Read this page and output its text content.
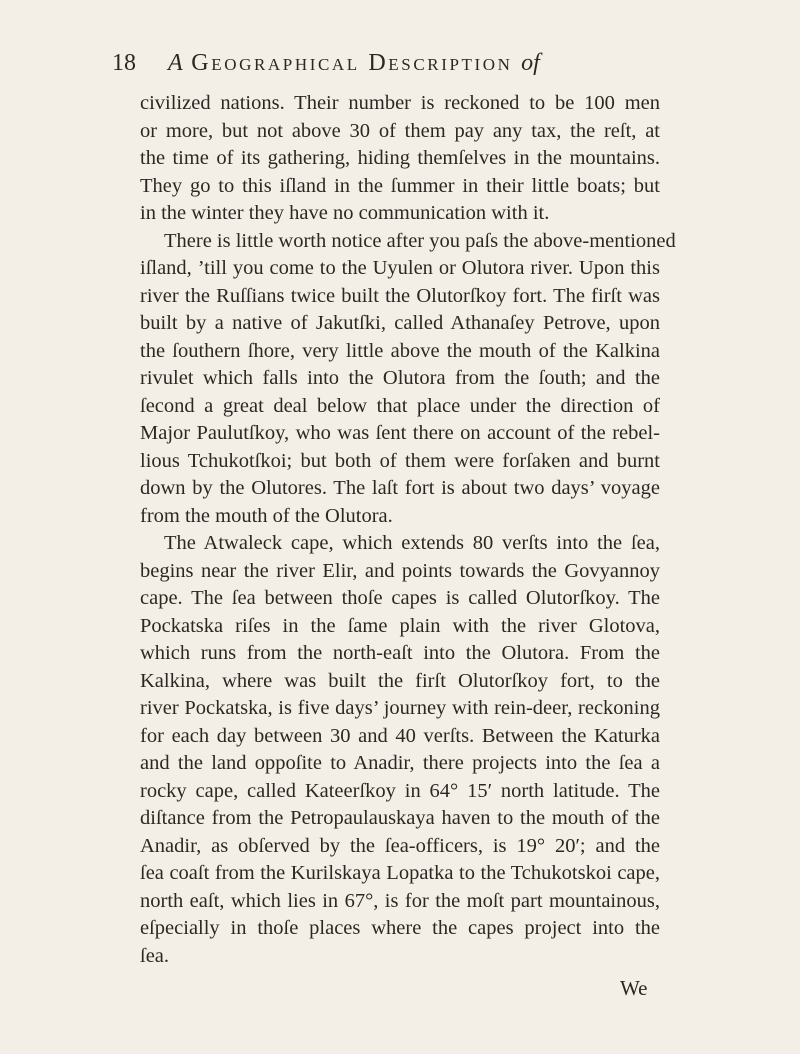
18 A Geographical Description of
civilized nations. Their number is reckoned to be 100 men
or more, but not above 30 of them pay any tax, the reſt, at
the time of its gathering, hiding themſelves in the mountains.
They go to this iſland in the ſummer in their little boats; but
in the winter they have no communication with it.
There is little worth notice after you paſs the above-mentioned
iſland, ’till you come to the Uyulen or Olutora river. Upon this
river the Ruſſians twice built the Olutorſkoy fort. The firſt was
built by a native of Jakutſki, called Athanaſey Petrove, upon
the ſouthern ſhore, very little above the mouth of the Kalkina
rivulet which falls into the Olutora from the ſouth; and the
ſecond a great deal below that place under the direction of
Major Paulutſkoy, who was ſent there on account of the rebel-
lious Tchukotſkoi; but both of them were forſaken and burnt
down by the Olutores. The laſt fort is about two days’ voyage
from the mouth of the Olutora.
The Atwaleck cape, which extends 80 verſts into the ſea,
begins near the river Elir, and points towards the Govyannoy
cape. The ſea between thoſe capes is called Olutorſkoy. The
Pockatska riſes in the ſame plain with the river Glotova,
which runs from the north-eaſt into the Olutora. From the
Kalkina, where was built the firſt Olutorſkoy fort, to the
river Pockatska, is five days’ journey with rein-deer, reckoning
for each day between 30 and 40 verſts. Between the Katurka
and the land oppoſite to Anadir, there projects into the ſea a
rocky cape, called Kateerſkoy in 64° 15′ north latitude. The
diſtance from the Petropaulauskaya haven to the mouth of the
Anadir, as obſerved by the ſea-officers, is 19° 20′; and the
ſea coaſt from the Kurilskaya Lopatka to the Tchukotskoi cape,
north eaſt, which lies in 67°, is for the moſt part mountainous,
eſpecially in thoſe places where the capes project into the
ſea.
We
